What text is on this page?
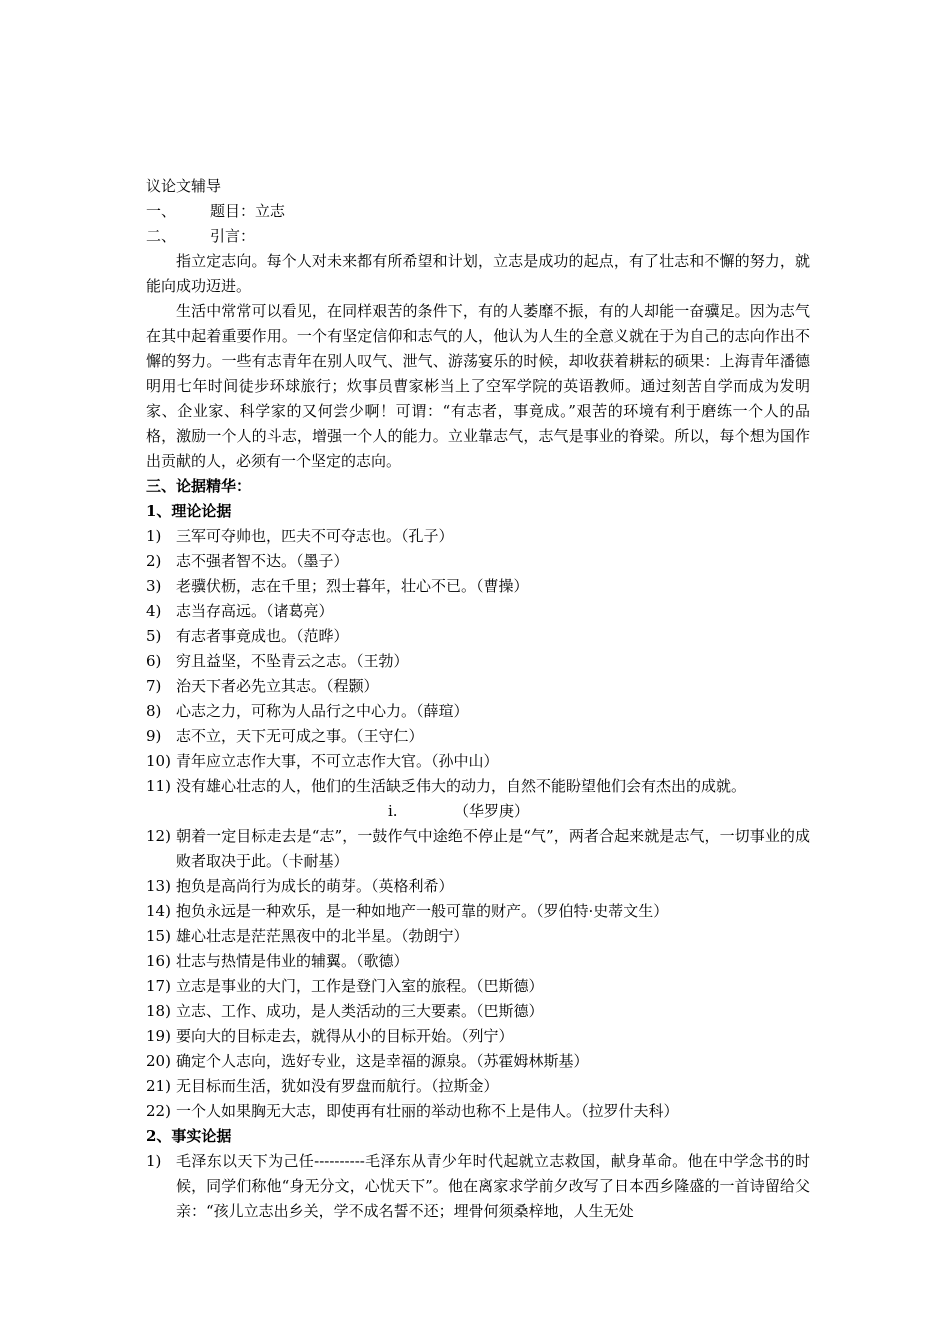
议论文辅导
一、	题目：立志
二、	引言：

指立定志向。每个人对未来都有所希望和计划，立志是成功的起点，有了壮志和不懈的努力，就能向成功迈进。

生活中常常可以看见，在同样艰苦的条件下，有的人萎靡不振，有的人却能一奋骥足。因为志气在其中起着重要作用。一个有坚定信仰和志气的人，他认为人生的全意义就在于为自己的志向作出不懈的努力。一些有志青年在别人叹气、泄气、游荡宴乐的时候，却收获着耕耘的硕果：上海青年潘德明用七年时间徒步环球旅行；炊事员曹家彬当上了空军学院的英语教师。通过刻苦自学而成为发明家、企业家、科学家的又何尝少啊！可谓：“有志者，事竟成。”艰苦的环境有利于磨练一个人的品格，激励一个人的斗志，增强一个人的能力。立业靠志气，志气是事业的脊梁。所以，每个想为国作出贡献的人，必须有一个坚定的志向。

三、论据精华：
1、理论论据
1) 三军可夺帅也，匹夫不可夺志也。（孔子）
2) 志不强者智不达。（墨子）
3) 老骥伏枥，志在千里；烈士暮年，壮心不已。（曹操）
4) 志当存高远。（诸葛亮）
5) 有志者事竟成也。（范晔）
6) 穷且益坚，不坠青云之志。（王勃）
7) 治天下者必先立其志。（程颢）
8) 心志之力，可称为人品行之中心力。（薛瑄）
9) 志不立，天下无可成之事。（王守仁）
10) 青年应立志作大事，不可立志作大官。（孙中山）
11) 没有雄心壮志的人，他们的生活缺乏伟大的动力，自然不能盼望他们会有杰出的成就。
i.	（华罗庚）
12) 朝着一定目标走去是“志”，一鼓作气中途绝不停止是“气”，两者合起来就是志气，一切事业的成败者取决于此。（卡耐基）
13) 抱负是高尚行为成长的萌芽。（英格利希）
14) 抱负永远是一种欢乐，是一种如地产一般可靠的财产。（罗伯特·史蒂文生）
15) 雄心壮志是茫茫黑夜中的北半星。（勃朗宁）
16) 壮志与热情是伟业的辅翼。（歌德）
17) 立志是事业的大门，工作是登门入室的旅程。（巴斯德）
18) 立志、工作、成功，是人类活动的三大要素。（巴斯德）
19) 要向大的目标走去，就得从小的目标开始。（列宁）
20) 确定个人志向，选好专业，这是幸福的源泉。（苏霍姆林斯基）
21) 无目标而生活，犹如没有罗盘而航行。（拉斯金）
22) 一个人如果胸无大志，即使再有壮丽的举动也称不上是伟人。（拉罗什夫科）
2、事实论据
1) 毛泽东以天下为己任----------毛泽东从青少年时代起就立志救国，献身革命。他在中学念书的时候，同学们称他“身无分文，心忧天下”。他在离家求学前夕改写了日本西乡隆盛的一首诗留给父亲：“孩儿立志出乡关，学不成名誓不还；埋骨何须桑梓地，人生无处
